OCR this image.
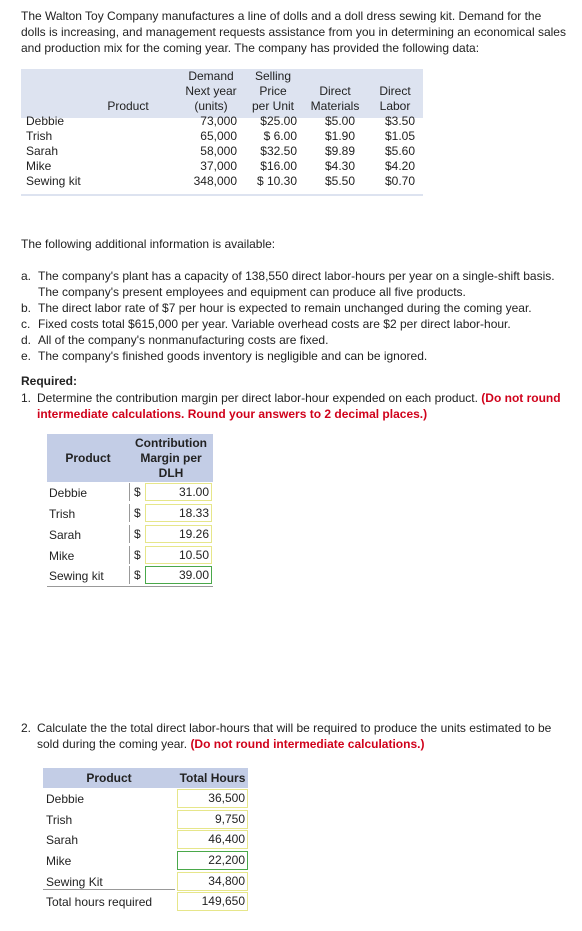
The Walton Toy Company manufactures a line of dolls and a doll dress sewing kit. Demand for the dolls is increasing, and management requests assistance from you in determining an economical sales and production mix for the coming year. The company has provided the following data:
Product
Demand
Next year
(units)
Selling
Price
per Unit
Direct
Materials
Direct
Labor
Debbie	73,000	$25.00	$5.00	$3.50
Trish	65,000	$ 6.00	$1.90	$1.05
Sarah	58,000	$32.50	$9.89	$5.60
Mike	37,000	$16.00	$4.30	$4.20
Sewing kit	348,000	$ 10.30	$5.50	$0.70
The following additional information is available:
a. The company's plant has a capacity of 138,550 direct labor-hours per year on a single-shift basis. The company's present employees and equipment can produce all five products.
b. The direct labor rate of $7 per hour is expected to remain unchanged during the coming year.
c. Fixed costs total $615,000 per year. Variable overhead costs are $2 per direct labor-hour.
d. All of the company's nonmanufacturing costs are fixed.
e. The company's finished goods inventory is negligible and can be ignored.
Required:
1. Determine the contribution margin per direct labor-hour expended on each product. (Do not round intermediate calculations. Round your answers to 2 decimal places.)
Product
Contribution
Margin per
DLH
Debbie	$	31.00
Trish	$	18.33
Sarah	$	19.26
Mike	$	10.50
Sewing kit	$	39.00
2. Calculate the the total direct labor-hours that will be required to produce the units estimated to be sold during the coming year. (Do not round intermediate calculations.)
Product	Total Hours
Debbie	36,500
Trish	9,750
Sarah	46,400
Mike	22,200
Sewing Kit	34,800
Total hours required	149,650
